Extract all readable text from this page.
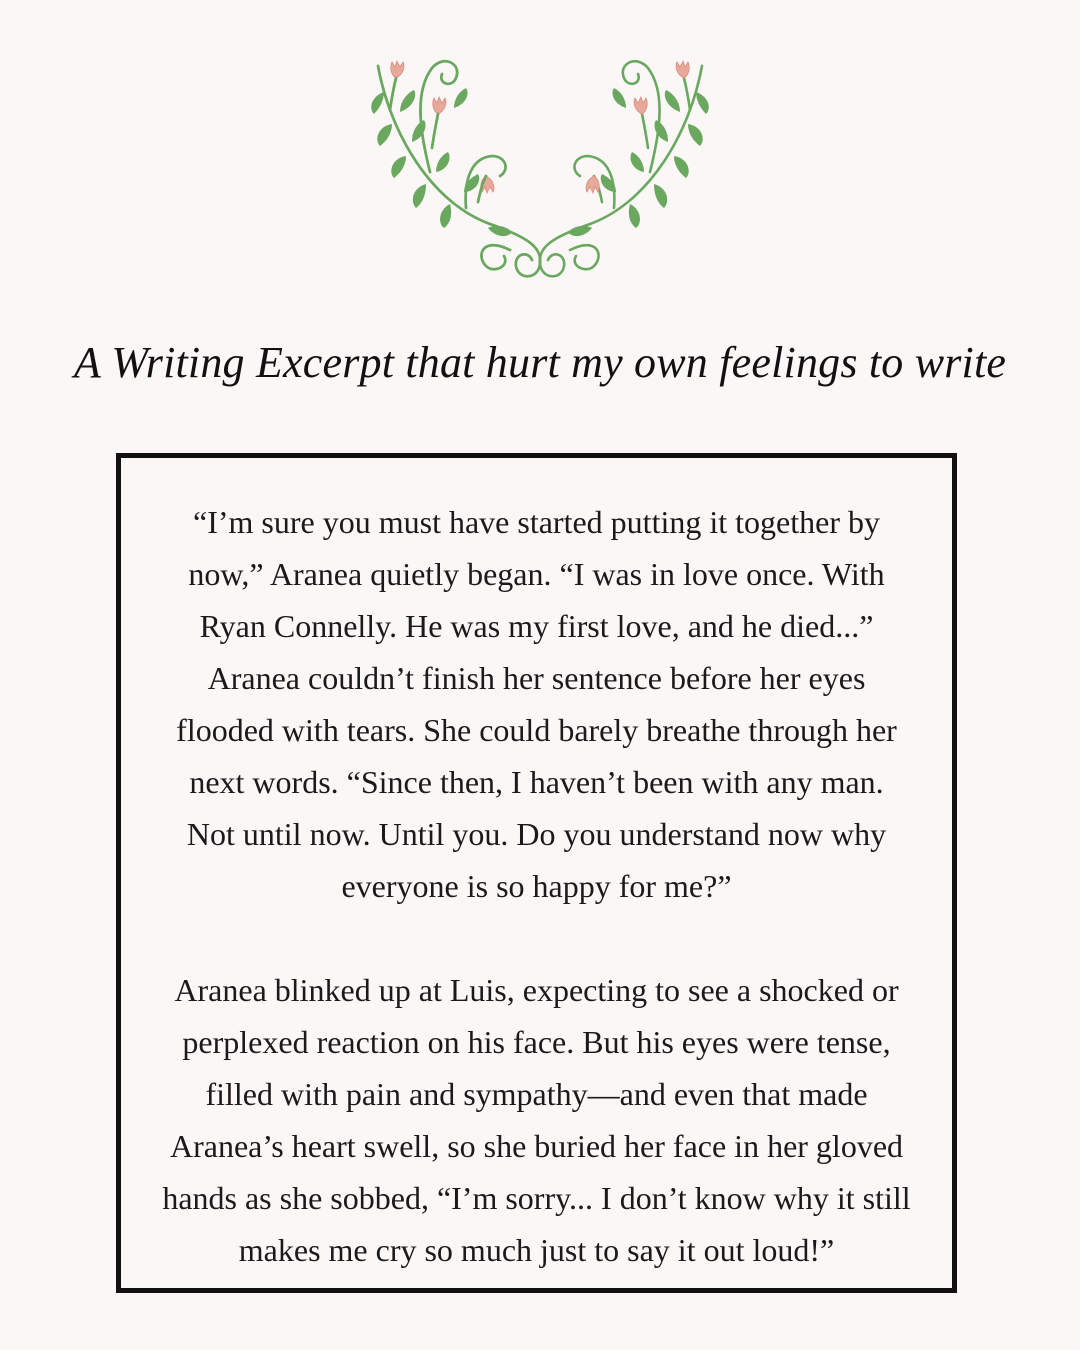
A Writing Excerpt that hurt my own feelings to write
“I’m sure you must have started putting it together by
now,” Aranea quietly began. “I was in love once. With
Ryan Connelly. He was my first love, and he died...”
Aranea couldn’t finish her sentence before her eyes
flooded with tears. She could barely breathe through her
next words. “Since then, I haven’t been with any man.
Not until now. Until you. Do you understand now why
everyone is so happy for me?”
Aranea blinked up at Luis, expecting to see a shocked or
perplexed reaction on his face. But his eyes were tense,
filled with pain and sympathy—and even that made
Aranea’s heart swell, so she buried her face in her gloved
hands as she sobbed, “I’m sorry... I don’t know why it still
makes me cry so much just to say it out loud!”
